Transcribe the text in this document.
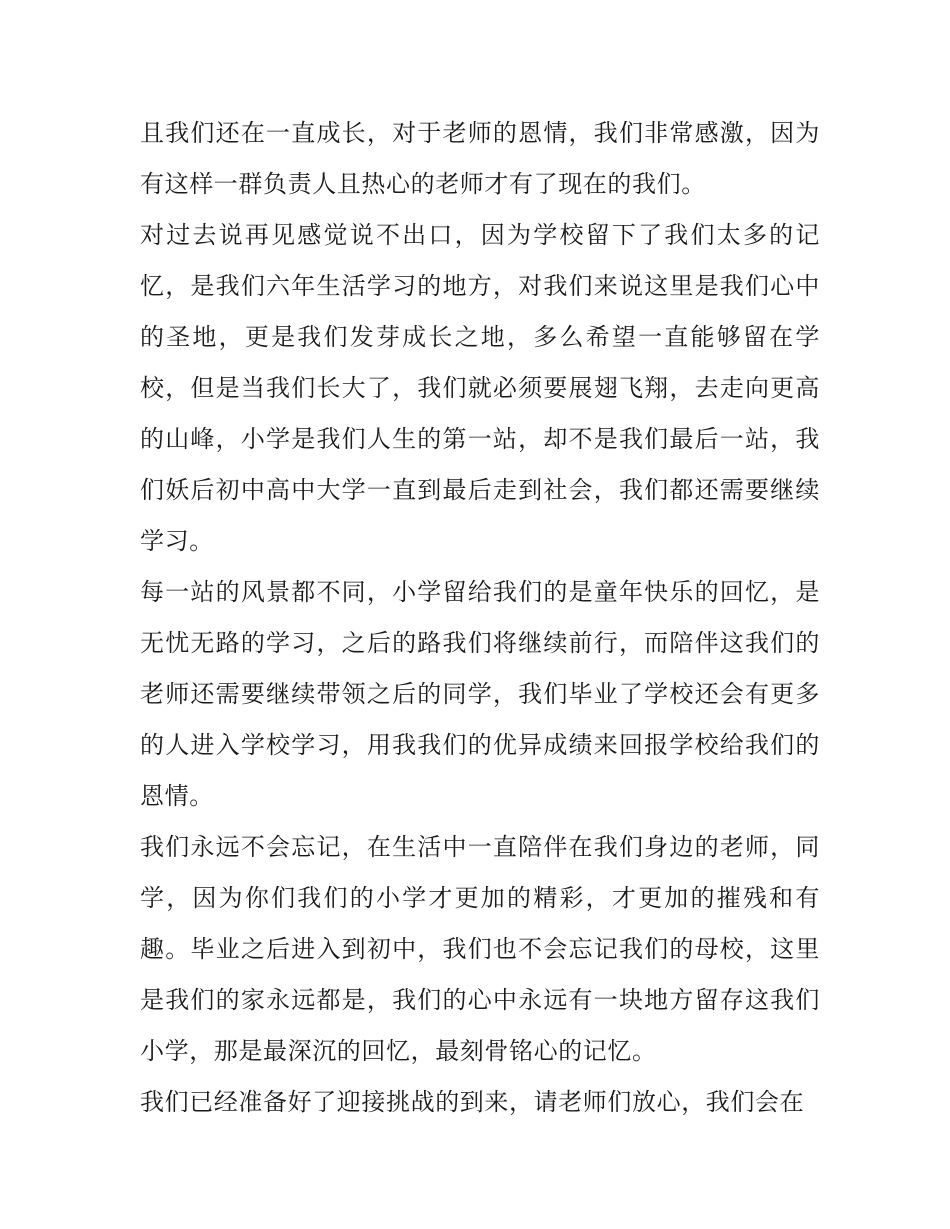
且我们还在一直成长，对于老师的恩情，我们非常感激，因为有这样一群负责人且热心的老师才有了现在的我们。

对过去说再见感觉说不出口，因为学校留下了我们太多的记忆，是我们六年生活学习的地方，对我们来说这里是我们心中的圣地，更是我们发芽成长之地，多么希望一直能够留在学校，但是当我们长大了，我们就必须要展翅飞翔，去走向更高的山峰，小学是我们人生的第一站，却不是我们最后一站，我们妖后初中高中大学一直到最后走到社会，我们都还需要继续学习。

每一站的风景都不同，小学留给我们的是童年快乐的回忆，是无忧无路的学习，之后的路我们将继续前行，而陪伴这我们的老师还需要继续带领之后的同学，我们毕业了学校还会有更多的人进入学校学习，用我我们的优异成绩来回报学校给我们的恩情。

我们永远不会忘记，在生活中一直陪伴在我们身边的老师，同学，因为你们我们的小学才更加的精彩，才更加的摧残和有趣。毕业之后进入到初中，我们也不会忘记我们的母校，这里是我们的家永远都是，我们的心中永远有一块地方留存这我们小学，那是最深沉的回忆，最刻骨铭心的记忆。

我们已经准备好了迎接挑战的到来，请老师们放心，我们会在
